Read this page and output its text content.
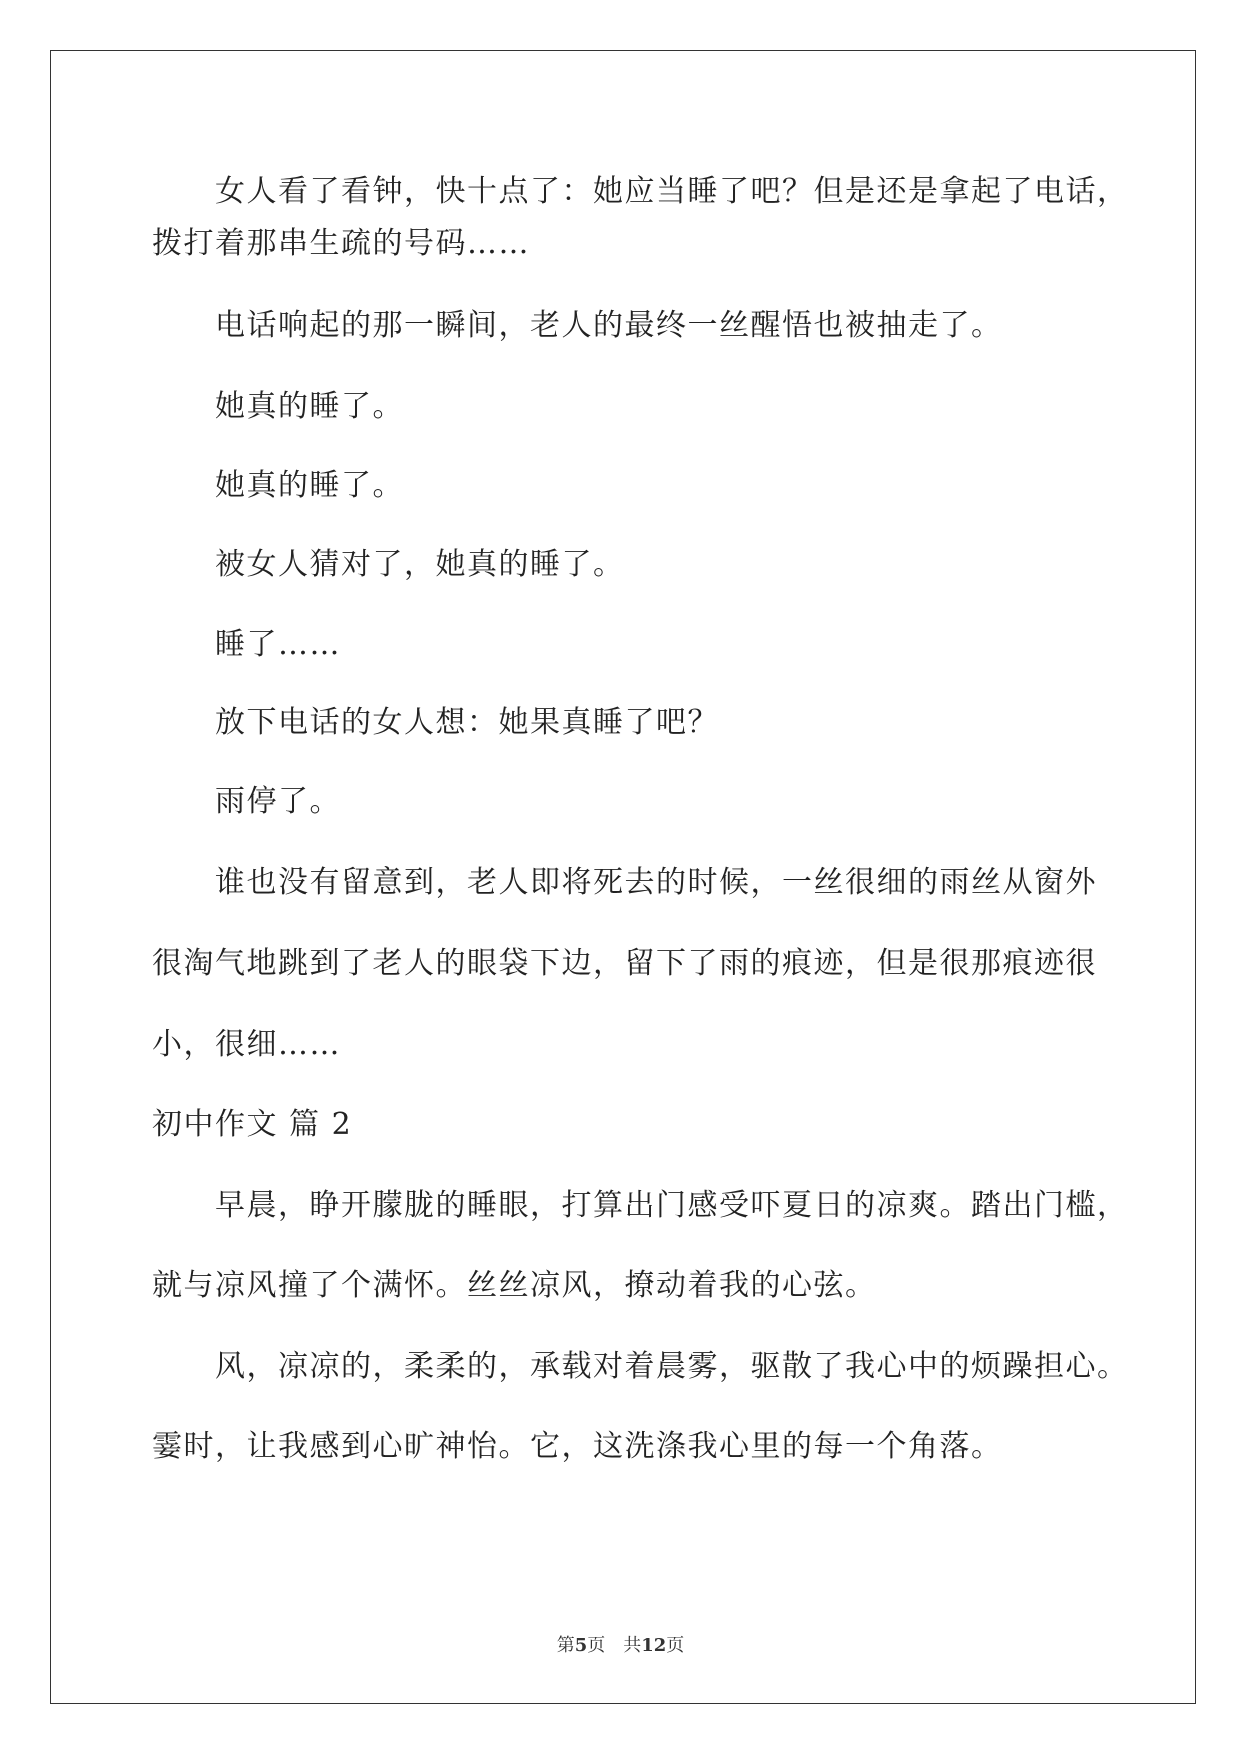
女人看了看钟，快十点了：她应当睡了吧？但是还是拿起了电话，
拨打着那串生疏的号码……
电话响起的那一瞬间，老人的最终一丝醒悟也被抽走了。
她真的睡了。
她真的睡了。
被女人猜对了，她真的睡了。
睡了……
放下电话的女人想：她果真睡了吧？
雨停了。
谁也没有留意到，老人即将死去的时候，一丝很细的雨丝从窗外
很淘气地跳到了老人的眼袋下边，留下了雨的痕迹，但是很那痕迹很
小，很细……
初中作文 篇 2
早晨，睁开朦胧的睡眼，打算出门感受吓夏日的凉爽。踏出门槛，
就与凉风撞了个满怀。丝丝凉风，撩动着我的心弦。
风，凉凉的，柔柔的，承载对着晨雾，驱散了我心中的烦躁担心。
霎时，让我感到心旷神怡。它，这洗涤我心里的每一个角落。
第5页 共12页
